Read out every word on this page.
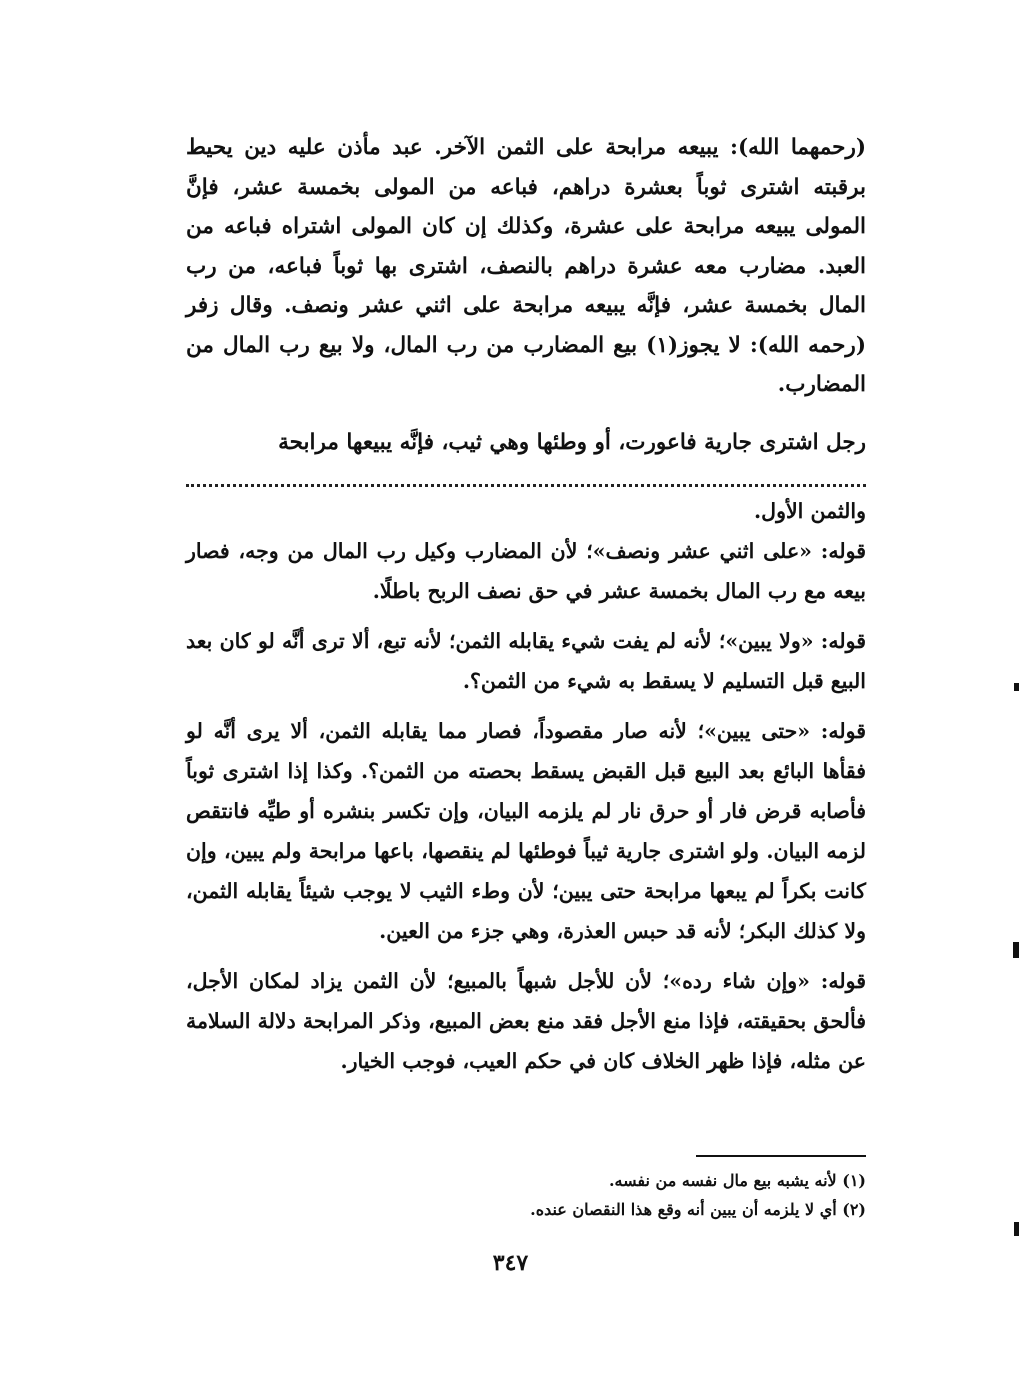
(رحمهما الله): يبيعه مرابحة على الثمن الآخر. عبد مأذن عليه دين يحيط برقبته اشترى ثوباً بعشرة دراهم، فباعه من المولى بخمسة عشر، فإنَّ المولى يبيعه مرابحة على عشرة، وكذلك إن كان المولى اشتراه فباعه من العبد. مضارب معه عشرة دراهم بالنصف، اشترى بها ثوباً فباعه، من رب المال بخمسة عشر، فإنَّه يبيعه مرابحة على اثني عشر ونصف. وقال زفر (رحمه الله): لا يجوز(١) بيع المضارب من رب المال، ولا بيع رب المال من المضارب.

رجل اشترى جارية فاعورت، أو وطئها وهي ثيب، فإنَّه يبيعها مرابحة

والثمن الأول.

قوله: «على اثني عشر ونصف»؛ لأن المضارب وكيل رب المال من وجه، فصار بيعه مع رب المال بخمسة عشر في حق نصف الربح باطلًا.

قوله: «ولا يبين»؛ لأنه لم يفت شيء يقابله الثمن؛ لأنه تبع، ألا ترى أنَّه لو كان بعد البيع قبل التسليم لا يسقط به شيء من الثمن؟.

قوله: «حتى يبين»؛ لأنه صار مقصوداً، فصار مما يقابله الثمن، ألا يرى أنَّه لو فقأها البائع بعد البيع قبل القبض يسقط بحصته من الثمن؟. وكذا إذا اشترى ثوباً فأصابه قرض فار أو حرق نار لم يلزمه البيان، وإن تكسر بنشره أو طيِّه فانتقص لزمه البيان. ولو اشترى جارية ثيباً فوطئها لم ينقصها، باعها مرابحة ولم يبين، وإن كانت بكراً لم يبعها مرابحة حتى يبين؛ لأن وطء الثيب لا يوجب شيئاً يقابله الثمن، ولا كذلك البكر؛ لأنه قد حبس العذرة، وهي جزء من العين.

قوله: «وإن شاء رده»؛ لأن للأجل شبهاً بالمبيع؛ لأن الثمن يزاد لمكان الأجل، فألحق بحقيقته، فإذا منع الأجل فقد منع بعض المبيع، وذكر المرابحة دلالة السلامة عن مثله، فإذا ظهر الخلاف كان في حكم العيب، فوجب الخيار.

(١) لأنه يشبه بيع مال نفسه من نفسه.
(٢) أي لا يلزمه أن يبين أنه وقع هذا النقصان عنده.
٣٤٧
